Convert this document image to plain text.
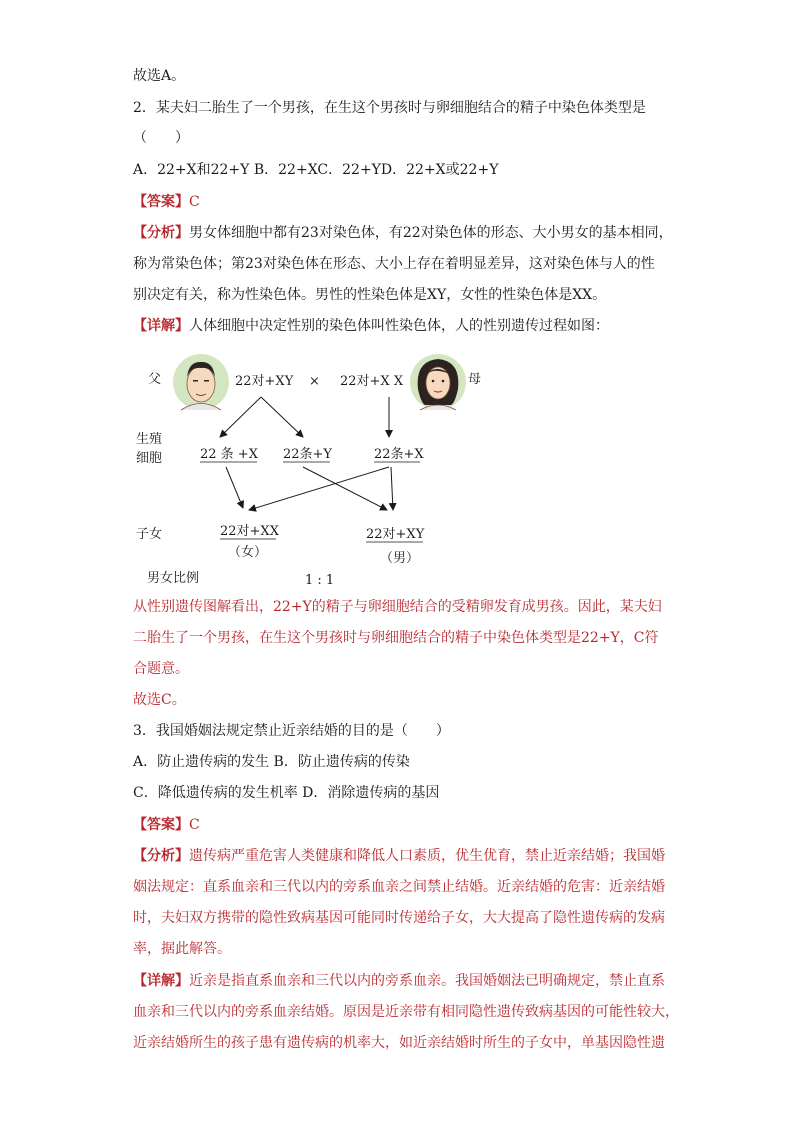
故选A。
2．某夫妇二胎生了一个男孩，在生这个男孩时与卵细胞结合的精子中染色体类型是
（　　）
A．22+X和22+Y B．22+XC．22+YD．22+X或22+Y
【答案】C
【分析】男女体细胞中都有23对染色体，有22对染色体的形态、大小男女的基本相同，
称为常染色体；第23对染色体在形态、大小上存在着明显差异，这对染色体与人的性
别决定有关，称为性染色体。男性的性染色体是XY，女性的性染色体是XX。
【详解】人体细胞中决定性别的染色体叫性染色体，人的性别遗传过程如图：
父	22对+XY × 22对+X X	母
生殖
细胞	22 条 +X 22条+Y	22条+X
子女	22对+XX
（女）
22对+XY
（男）
男女比例	1 : 1
从性别遗传图解看出，22+Y的精子与卵细胞结合的受精卵发育成男孩。因此，某夫妇
二胎生了一个男孩，在生这个男孩时与卵细胞结合的精子中染色体类型是22+Y，C符
合题意。
故选C。
3．我国婚姻法规定禁止近亲结婚的目的是（　　）
A．防止遗传病的发生 B．防止遗传病的传染
C．降低遗传病的发生机率 D．消除遗传病的基因
【答案】C
【分析】遗传病严重危害人类健康和降低人口素质，优生优育，禁止近亲结婚；我国婚
姻法规定：直系血亲和三代以内的旁系血亲之间禁止结婚。近亲结婚的危害：近亲结婚
时，夫妇双方携带的隐性致病基因可能同时传递给子女，大大提高了隐性遗传病的发病
率，据此解答。
【详解】近亲是指直系血亲和三代以内的旁系血亲。我国婚姻法已明确规定，禁止直系
血亲和三代以内的旁系血亲结婚。原因是近亲带有相同隐性遗传致病基因的可能性较大，
近亲结婚所生的孩子患有遗传病的机率大，如近亲结婚时所生的子女中，单基因隐性遗
